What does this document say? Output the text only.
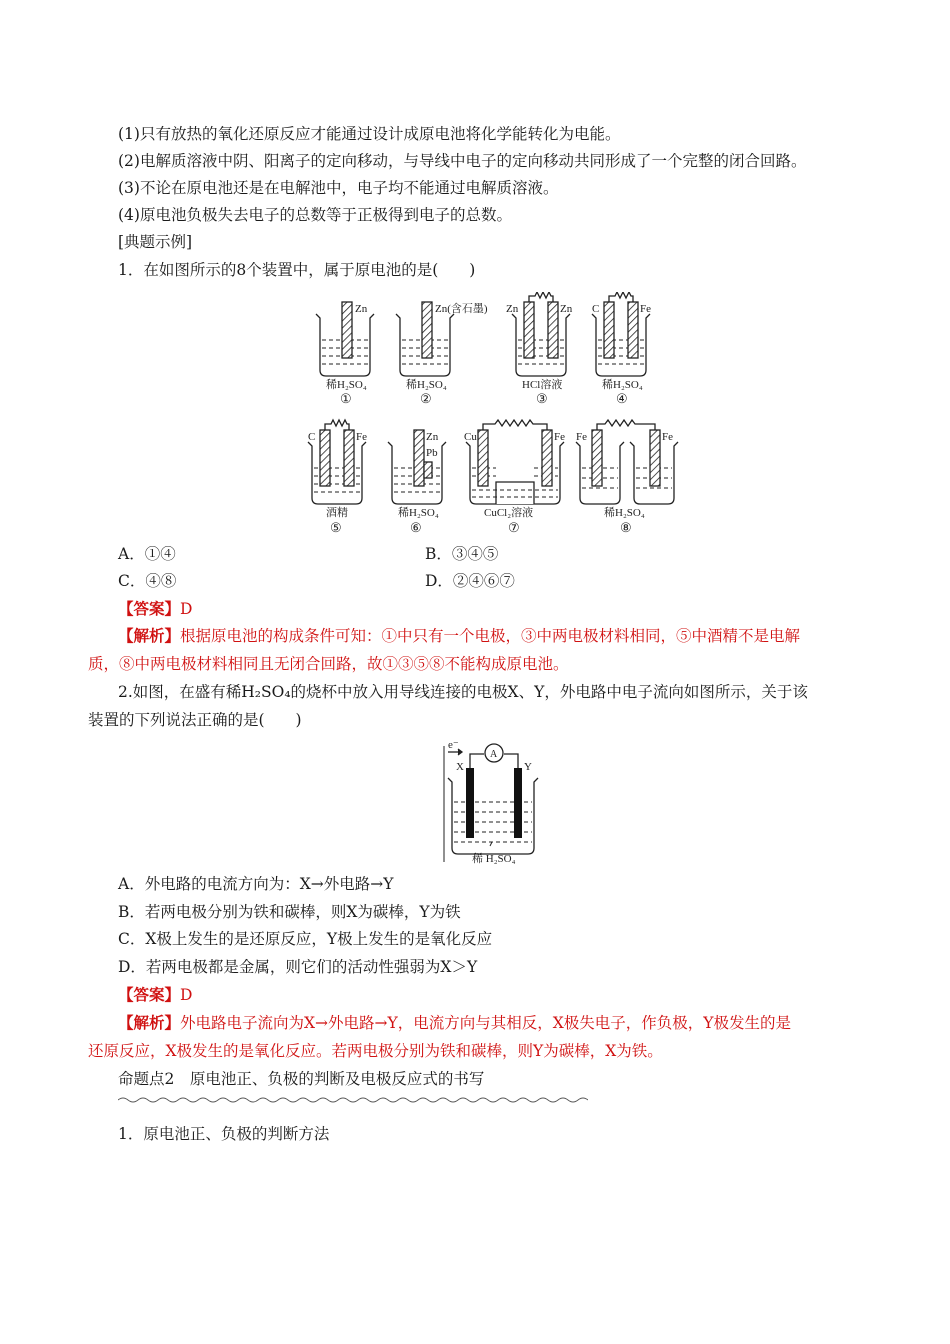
(1)只有放热的氧化还原反应才能通过设计成原电池将化学能转化为电能。
(2)电解质溶液中阴、阳离子的定向移动，与导线中电子的定向移动共同形成了一个完整的闭合回路。
(3)不论在原电池还是在电解池中，电子均不能通过电解质溶液。
(4)原电池负极失去电子的总数等于正极得到电子的总数。
[典题示例]
1．在如图所示的8个装置中，属于原电池的是(　　)
Zn	Zn(含石墨) Zn	Zn C	Fe
稀H₂SO₄	稀H₂SO₄	HCl溶液	稀H₂SO₄
①	②	③	④
C	Fe	Zn
Pb
Cu	Fe Fe	Fe
酒精	稀H₂SO₄	CuCl₂溶液	稀H₂SO₄
⑤	⑥	⑦	⑧
A．①④	B．③④⑤
C．④⑧	D．②④⑥⑦
【答案】D
【解析】根据原电池的构成条件可知：①中只有一个电极，③中两电极材料相同，⑤中酒精不是电解
质，⑧中两电极材料相同且无闭合回路，故①③⑤⑧不能构成原电池。
2.如图，在盛有稀H₂SO₄的烧杯中放入用导线连接的电极X、Y，外电路中电子流向如图所示，关于该
装置的下列说法正确的是(　　)
e⁻
A
X	Y
稀 H₂SO₄
A．外电路的电流方向为：X→外电路→Y
B．若两电极分别为铁和碳棒，则X为碳棒，Y为铁
C．X极上发生的是还原反应，Y极上发生的是氧化反应
D．若两电极都是金属，则它们的活动性强弱为X＞Y
【答案】D
【解析】外电路电子流向为X→外电路→Y，电流方向与其相反，X极失电子，作负极，Y极发生的是
还原反应，X极发生的是氧化反应。若两电极分别为铁和碳棒，则Y为碳棒，X为铁。
命题点2　原电池正、负极的判断及电极反应式的书写
1．原电池正、负极的判断方法
